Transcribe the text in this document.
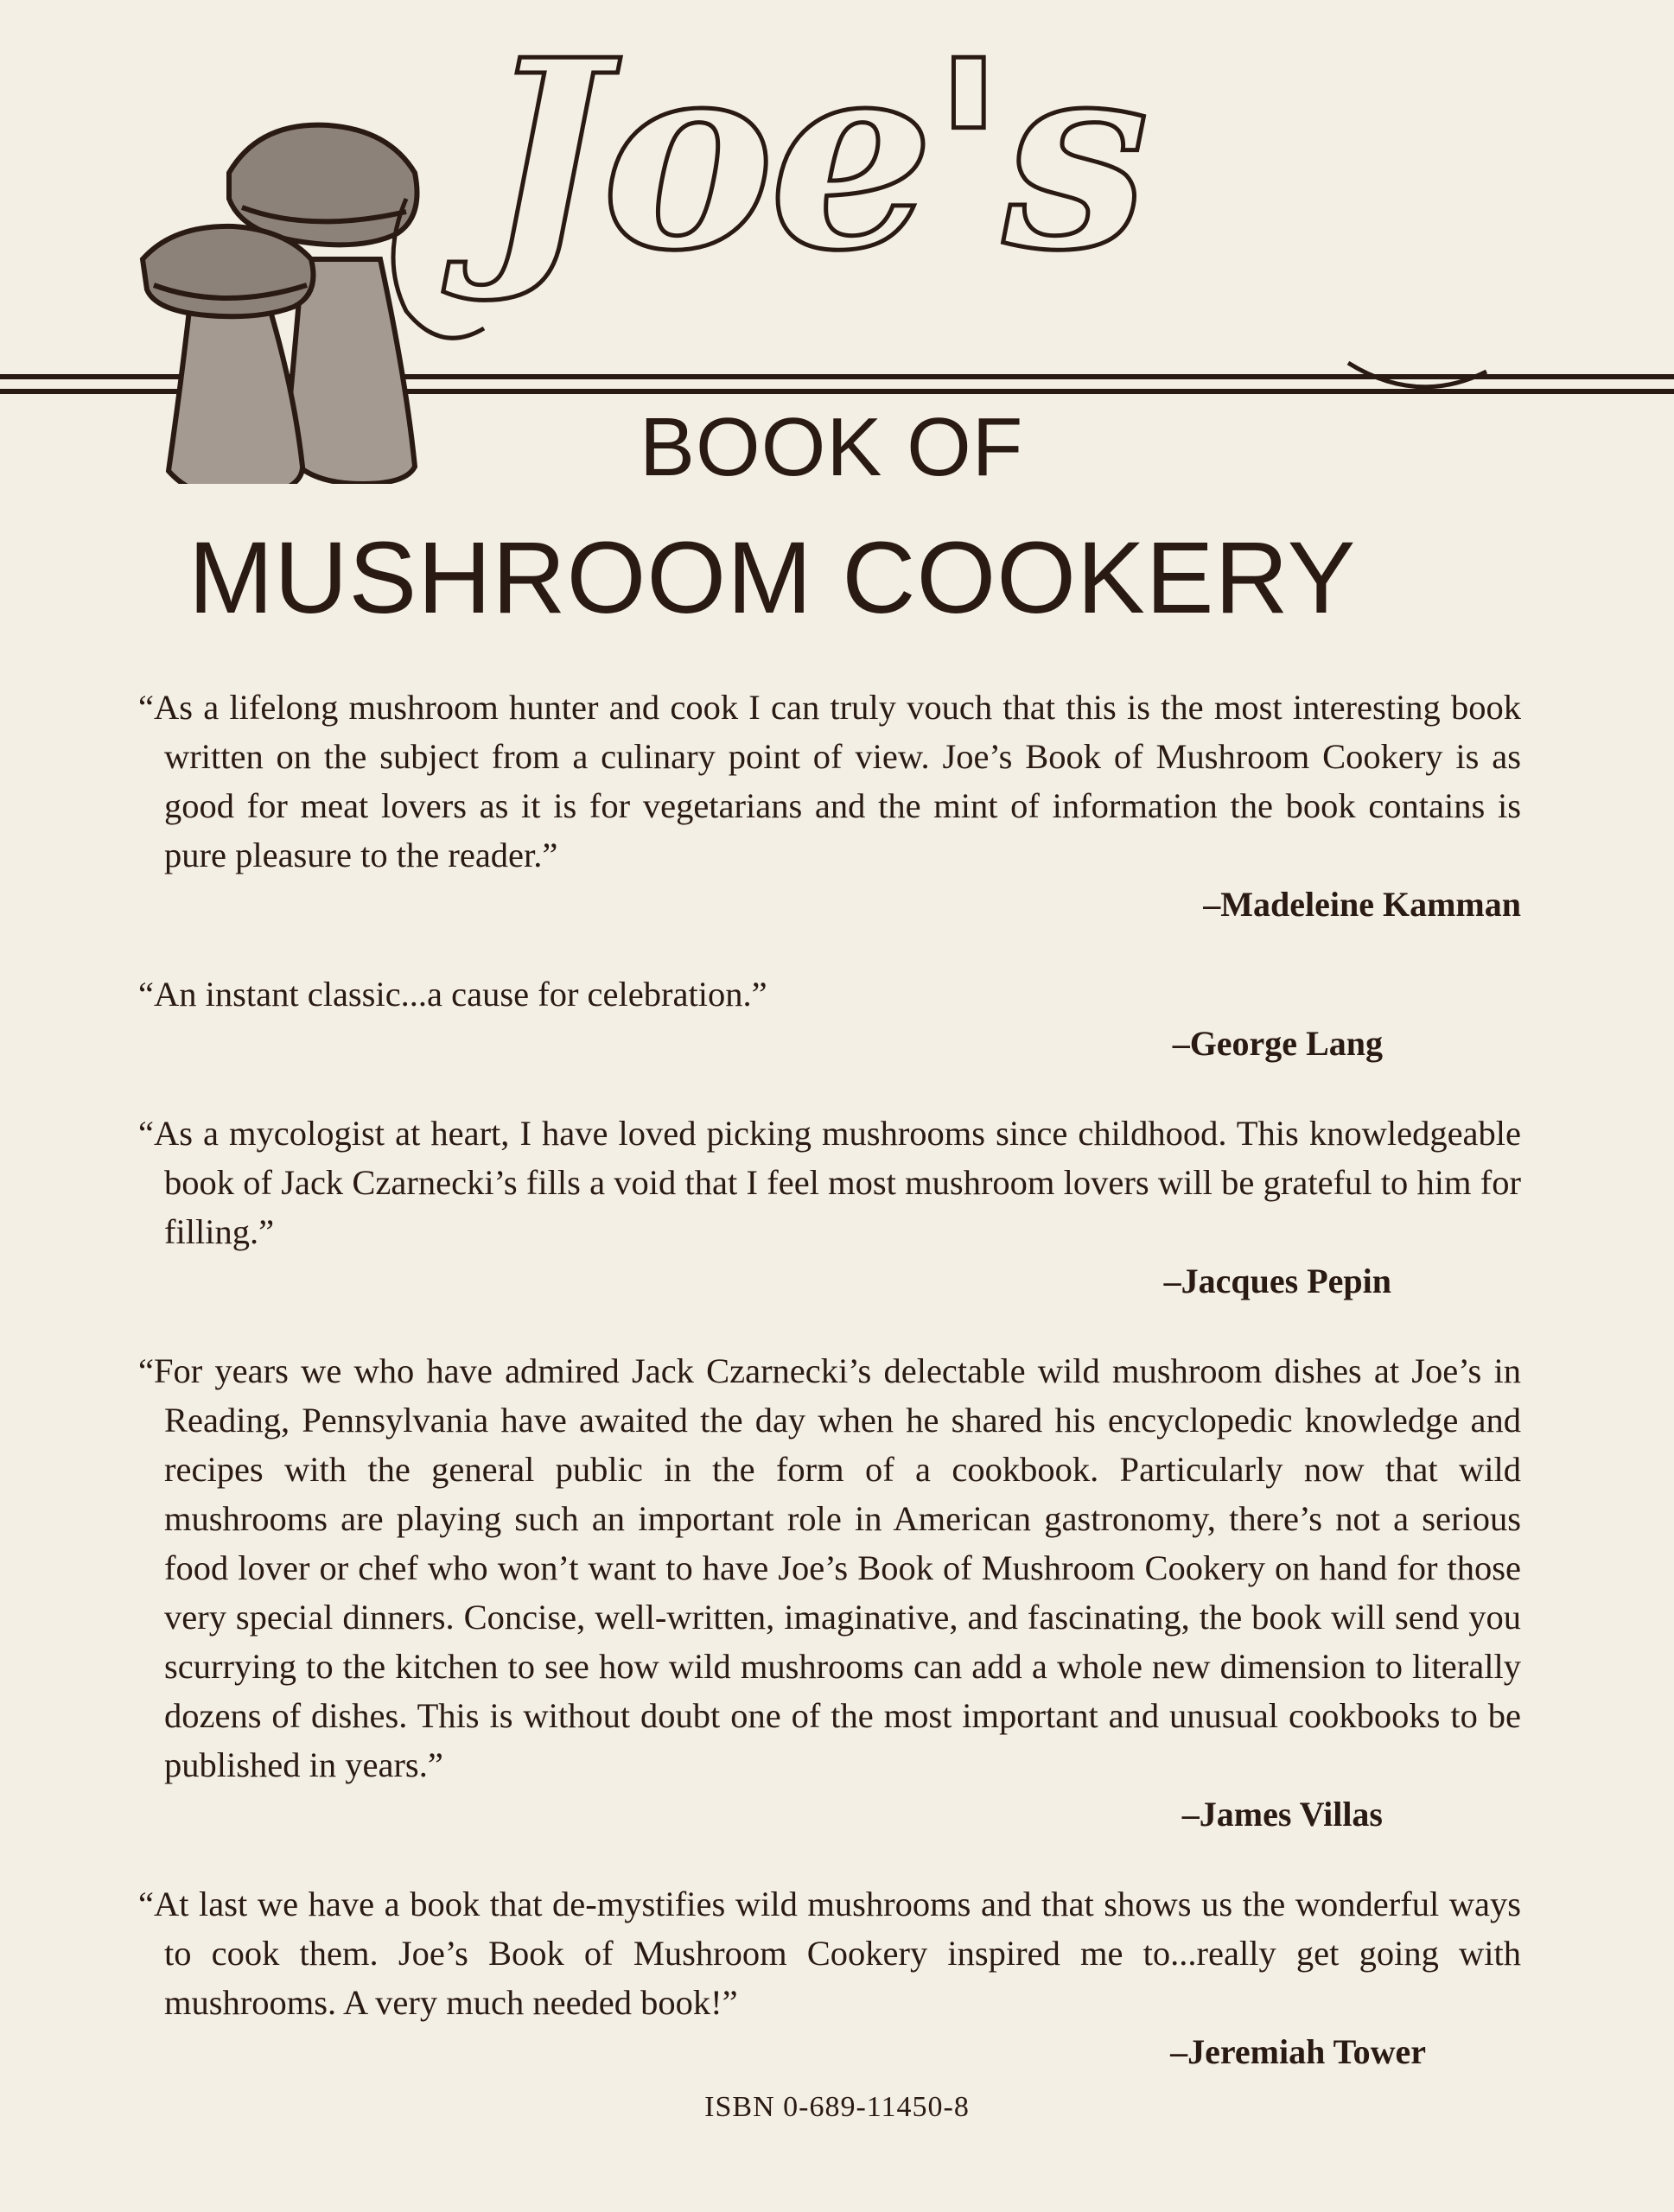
Joe's
BOOK OF
MUSHROOM COOKERY

“As a lifelong mushroom hunter and cook I can truly vouch that this is the most interesting book written on the subject from a culinary point of view. Joe’s Book of Mushroom Cookery is as good for meat lovers as it is for vegetarians and the mint of information the book contains is pure pleasure to the reader.”

–Madeleine Kamman

“An instant classic...a cause for celebration.”

–George Lang

“As a mycologist at heart, I have loved picking mushrooms since childhood. This knowledgeable book of Jack Czarnecki’s fills a void that I feel most mushroom lovers will be grateful to him for filling.”

–Jacques Pepin

“For years we who have admired Jack Czarnecki’s delectable wild mushroom dishes at Joe’s in Reading, Pennsylvania have awaited the day when he shared his encyclopedic knowledge and recipes with the general public in the form of a cookbook. Particularly now that wild mushrooms are playing such an important role in American gastronomy, there’s not a serious food lover or chef who won’t want to have Joe’s Book of Mushroom Cookery on hand for those very special dinners. Concise, well-written, imaginative, and fascinating, the book will send you scurrying to the kitchen to see how wild mushrooms can add a whole new dimension to literally dozens of dishes. This is without doubt one of the most important and unusual cookbooks to be published in years.”

–James Villas

“At last we have a book that de-mystifies wild mushrooms and that shows us the wonderful ways to cook them. Joe’s Book of Mushroom Cookery inspired me to...really get going with mushrooms. A very much needed book!”

–Jeremiah Tower

ISBN 0-689-11450-8
